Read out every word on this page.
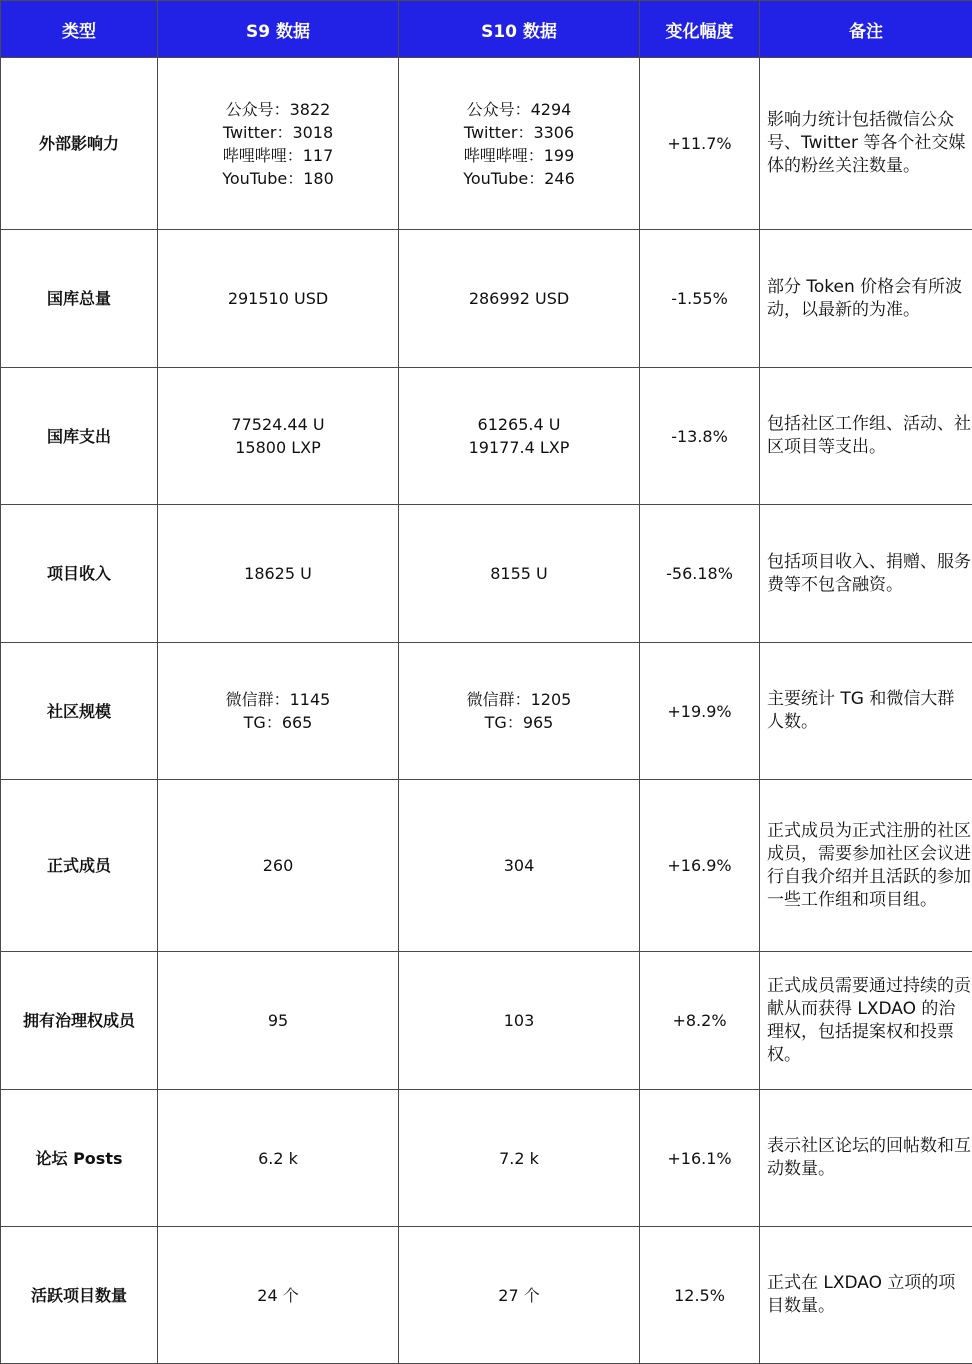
类型	S9 数据	S10 数据	变化幅度	备注
外部影响力	公众号：3822
Twitter：3018
哔哩哔哩：117
YouTube：180	公众号：4294
Twitter：3306
哔哩哔哩：199
YouTube：246	+11.7%	影响力统计包括微信公众号、Twitter 等各个社交媒体的粉丝关注数量。

国库总量	291510 USD	286992 USD	-1.55%	部分 Token 价格会有所波动，以最新的为准。

国库支出	77524.44 U
15800 LXP	61265.4 U
19177.4 LXP	-13.8%	包括社区工作组、活动、社区项目等支出。

项目收入	18625 U	8155 U	-56.18%	包括项目收入、捐赠、服务费等不包含融资。

社区规模	微信群：1145
TG：665	微信群：1205
TG：965	+19.9%	主要统计 TG 和微信大群人数。

正式成员	260	304	+16.9%	正式成员为正式注册的社区成员，需要参加社区会议进行自我介绍并且活跃的参加一些工作组和项目组。

拥有治理权成员	95	103	+8.2%	正式成员需要通过持续的贡献从而获得 LXDAO 的治理权，包括提案权和投票权。

论坛 Posts	6.2 k	7.2 k	+16.1%	表示社区论坛的回帖数和互动数量。

活跃项目数量	24 个	27 个	12.5%	正式在 LXDAO 立项的项目数量。
